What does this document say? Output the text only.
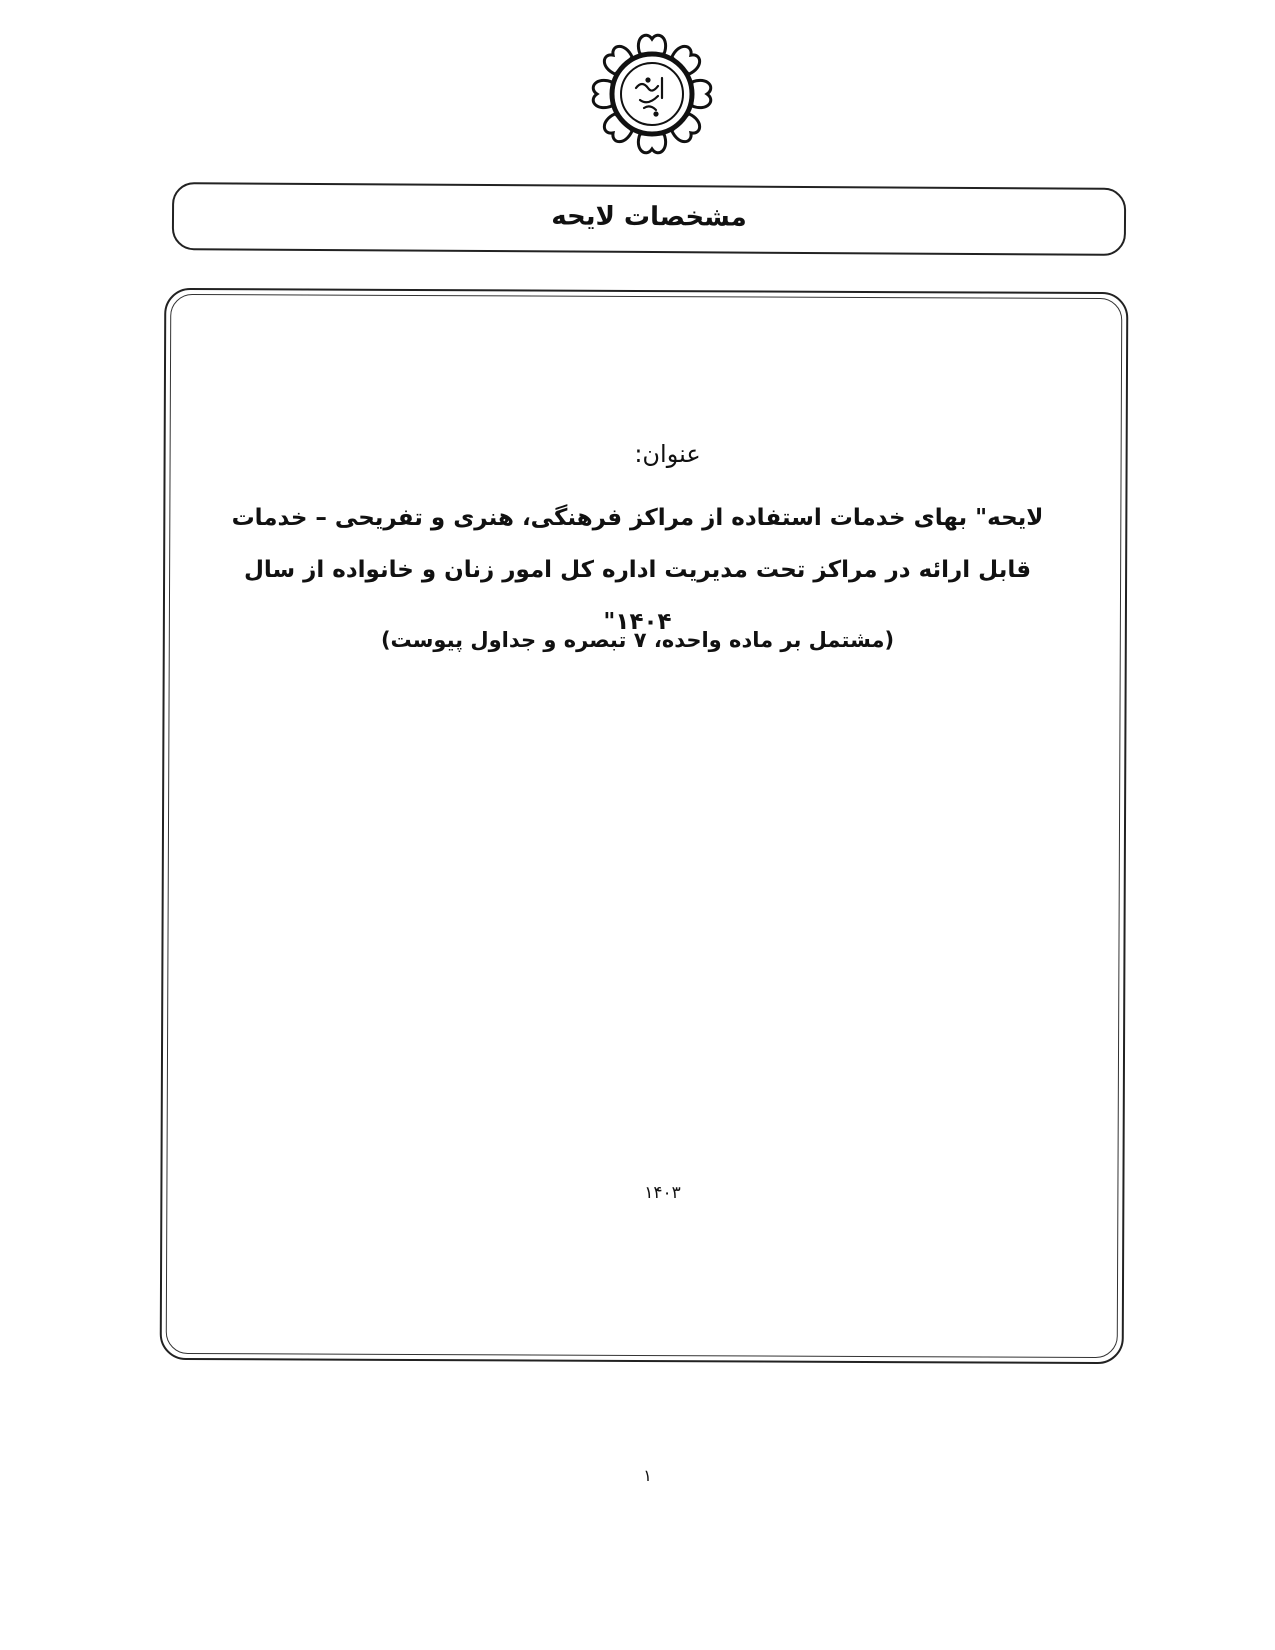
مشخصات لایحه
عنوان:
لایحه" بهای خدمات استفاده از مراکز فرهنگی، هنری و تفریحی – خدمات قابل ارائه در مراکز تحت مدیریت اداره کل امور زنان و خانواده از سال ۱۴۰۴"
(مشتمل بر ماده واحده، ۷ تبصره و جداول پیوست)
۱۴۰۳
۱
